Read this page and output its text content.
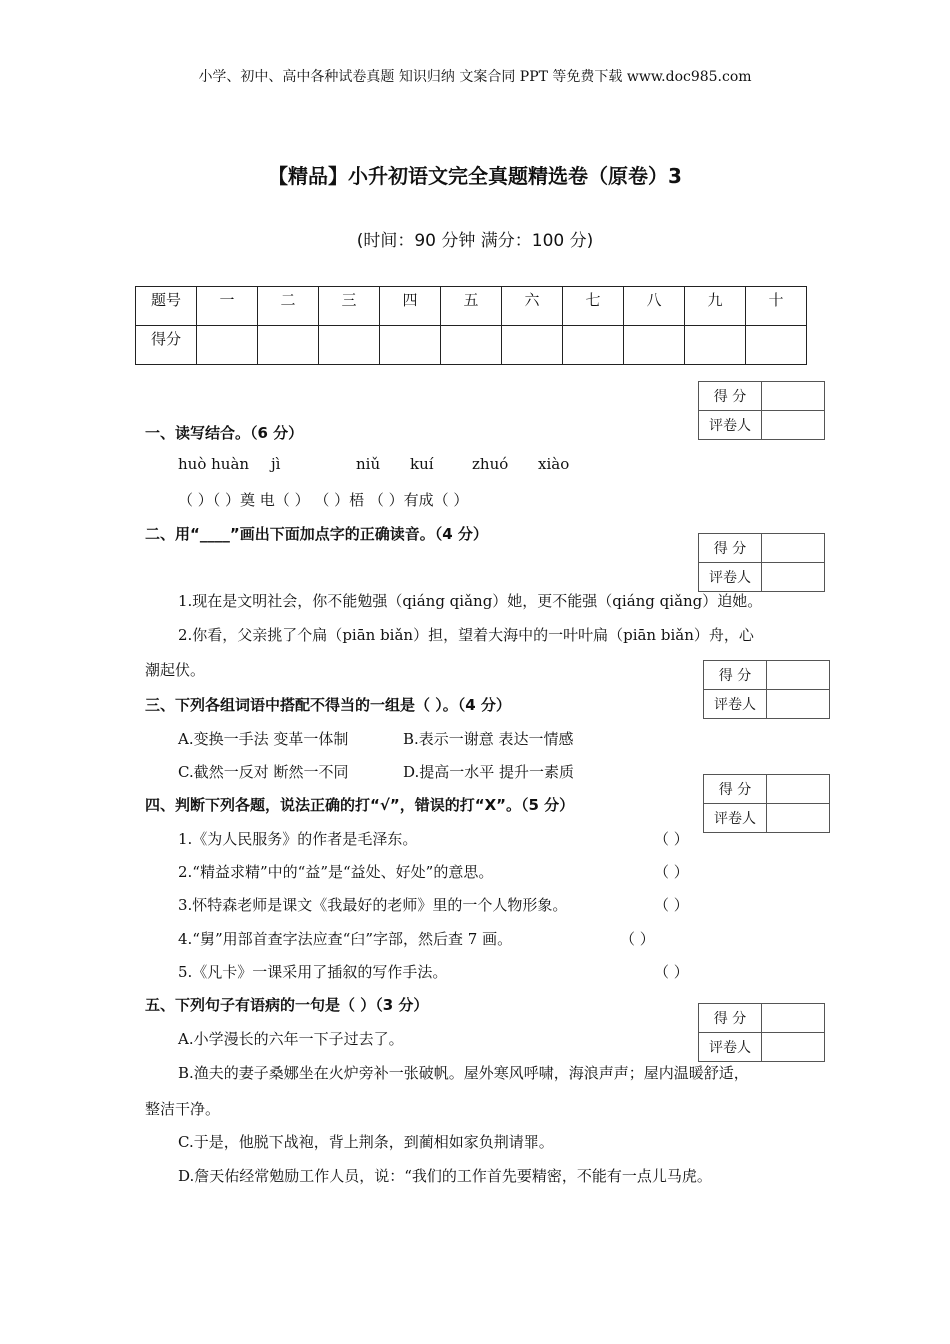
小学、初中、高中各种试卷真题 知识归纳 文案合同 PPT 等免费下载 www.doc985.com
【精品】小升初语文完全真题精选卷（原卷）3
(时间：90 分钟 满分：100 分)
题号	一	二	三	四	五	六	七	八	九	十
得分										
得 分	
评卷人	
得 分	
评卷人	
得 分	
评卷人	
得 分	
评卷人	
得 分	
评卷人	
一、读写结合。（6 分）
huò huàn jì	niǔ kuí	zhuó xiào
（ ）（ ）奠 电（ ） （ ）梧 （ ）有成（ ）
二、用“____”画出下面加点字的正确读音。（4 分）
1.现在是文明社会，你不能勉强（qiáng qiǎng）她，更不能强（qiáng qiǎng）迫她。
2.你看，父亲挑了个扁（piān biǎn）担，望着大海中的一叶叶扁（piān biǎn）舟，心
潮起伏。
三、下列各组词语中搭配不得当的一组是（ ）。（4 分）
A.变换一手法 变革一体制	B.表示一谢意 表达一情感
C.截然一反对 断然一不同	D.提高一水平 提升一素质
四、判断下列各题，说法正确的打“√”，错误的打“X”。（5 分）
1.《为人民服务》的作者是毛泽东。	（ ）
2.“精益求精”中的“益”是“益处、好处”的意思。	（ ）
3.怀特森老师是课文《我最好的老师》里的一个人物形象。	（ ）
4.“舅”用部首查字法应查“臼”字部，然后查 7 画。	（ ）
5.《凡卡》一课采用了插叙的写作手法。	（ ）
五、下列句子有语病的一句是（ ）（3 分）
A.小学漫长的六年一下子过去了。
B.渔夫的妻子桑娜坐在火炉旁补一张破帆。屋外寒风呼啸，海浪声声；屋内温暖舒适，
整洁干净。
C.于是，他脱下战袍，背上荆条，到蔺相如家负荆请罪。
D.詹天佑经常勉励工作人员，说：“我们的工作首先要精密，不能有一点儿马虎。
